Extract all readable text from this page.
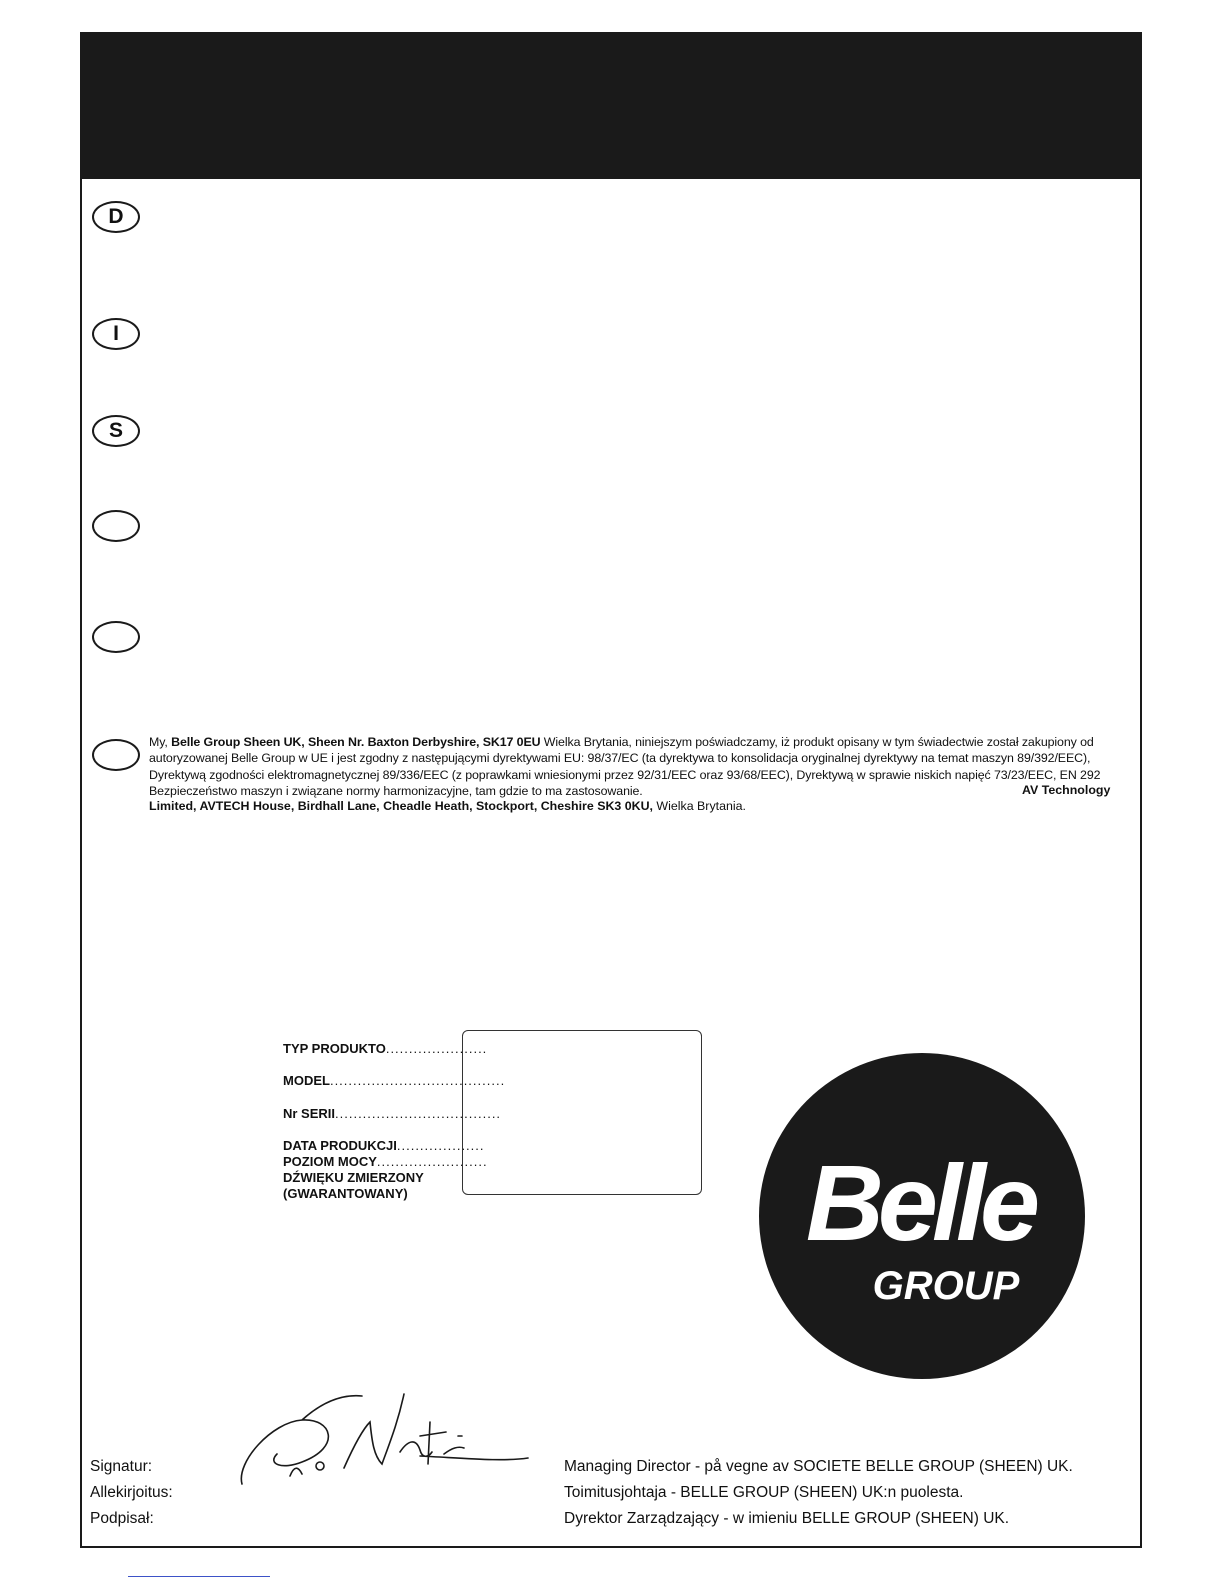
D
I
S
My, Belle Group Sheen UK, Sheen Nr. Baxton Derbyshire, SK17 0EU Wielka Brytania, niniejszym poświadczamy, iż produkt opisany w tym świadectwie został zakupiony od autoryzowanej Belle Group w UE i jest zgodny z następującymi dyrektywami EU: 98/37/EC (ta dyrektywa to konsolidacja oryginalnej dyrektywy na temat maszyn 89/392/EEC), Dyrektywą zgodności elektromagnetycznej 89/336/EEC (z poprawkami wniesionymi przez 92/31/EEC oraz 93/68/EEC), Dyrektywą w sprawie niskich napięć 73/23/EEC, EN 292 Bezpieczeństwo maszyn i związane normy harmonizacyjne, tam gdzie to ma zastosowanie.	AV Technology
Limited, AVTECH House, Birdhall Lane, Cheadle Heath, Stockport, Cheshire SK3 0KU, Wielka Brytania.
TYP PRODUKTO......................
MODEL......................................
Nr SERII....................................
DATA PRODUKCJI...................
POZIOM MOCY........................
DŹWIĘKU ZMIERZONY
(GWARANTOWANY)	Belle
GROUP
Signatur:
Allekirjoitus:
Podpisał:
Managing Director - på vegne av SOCIETE BELLE GROUP (SHEEN) UK.
Toimitusjohtaja - BELLE GROUP (SHEEN) UK:n puolesta.
Dyrektor Zarządzający - w imieniu BELLE GROUP (SHEEN) UK.
